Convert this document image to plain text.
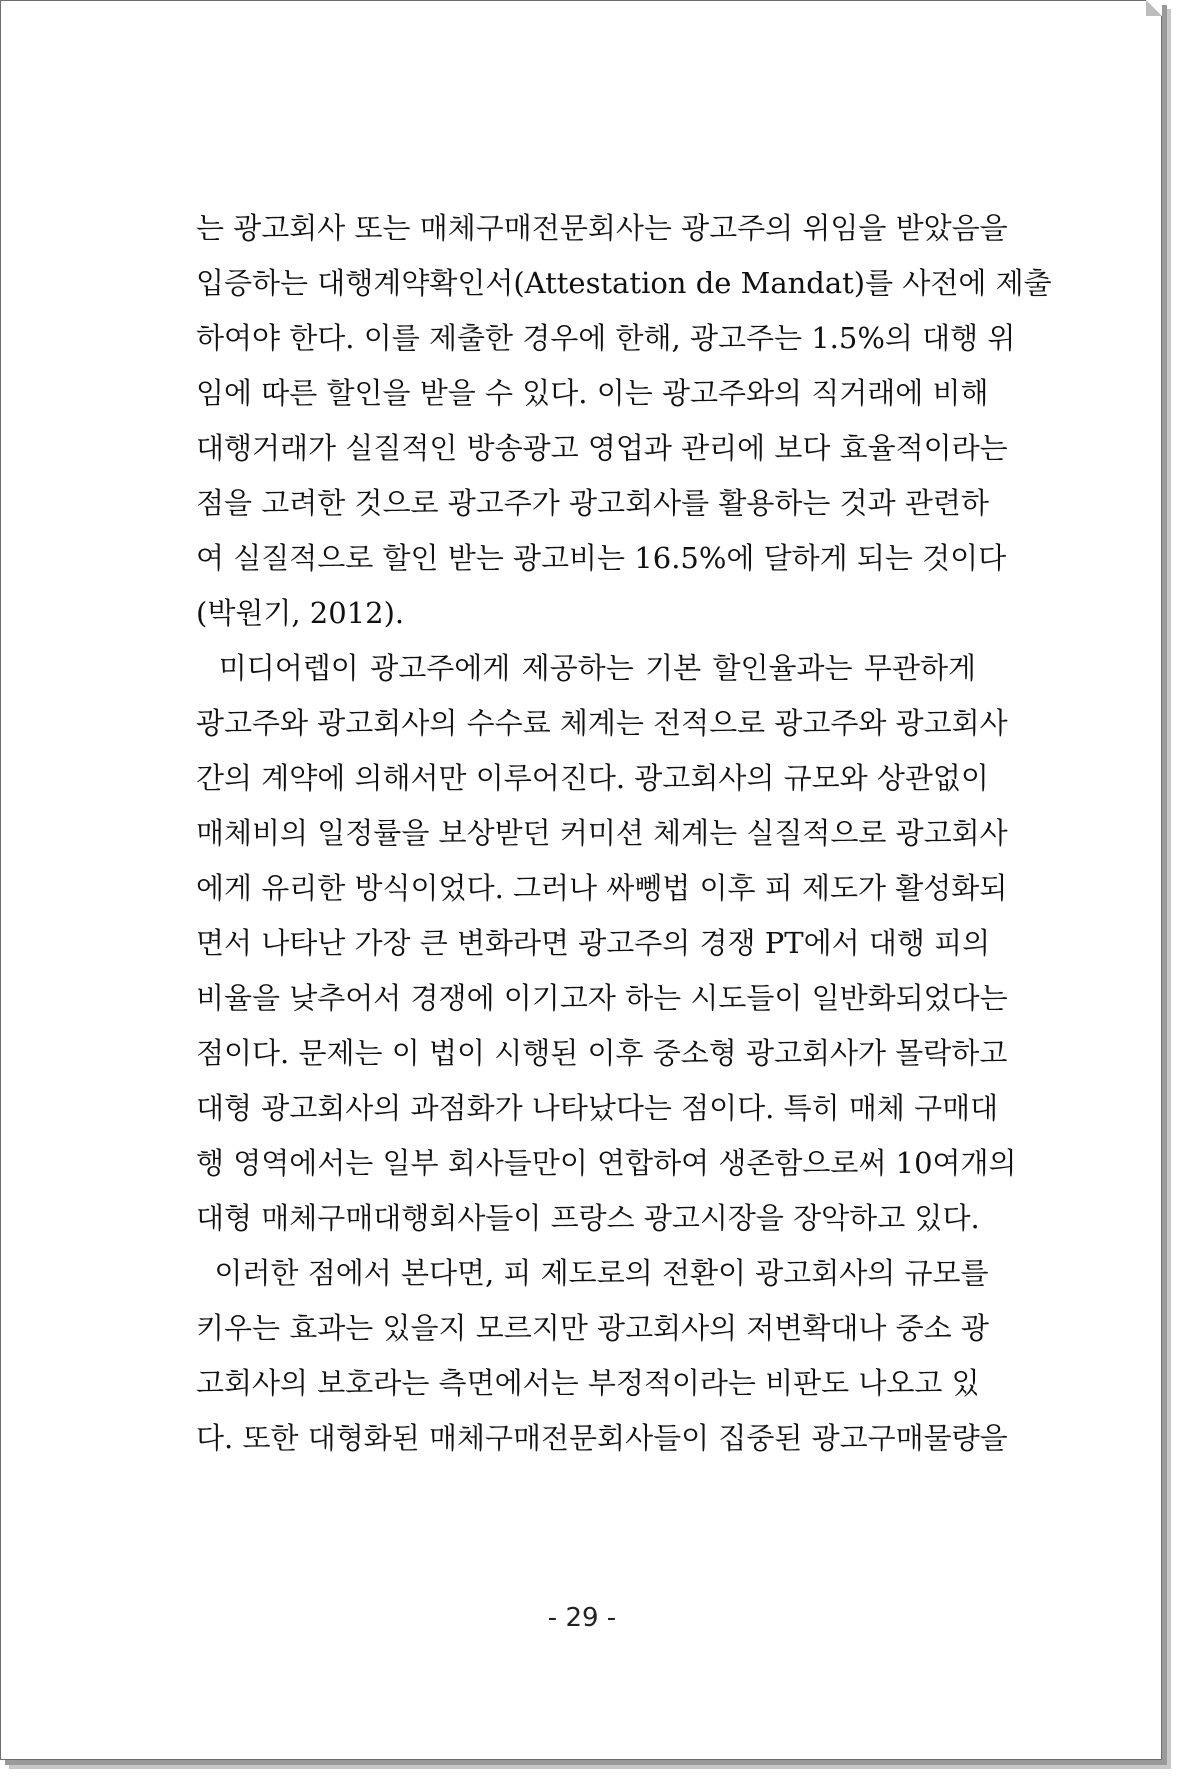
는 광고회사 또는 매체구매전문회사는 광고주의 위임을 받았음을
입증하는 대행계약확인서(Attestation de Mandat)를 사전에 제출
하여야 한다. 이를 제출한 경우에 한해, 광고주는 1.5%의 대행 위
임에 따른 할인을 받을 수 있다. 이는 광고주와의 직거래에 비해
대행거래가 실질적인 방송광고 영업과 관리에 보다 효율적이라는
점을 고려한 것으로 광고주가 광고회사를 활용하는 것과 관련하
여 실질적으로 할인 받는 광고비는 16.5%에 달하게 되는 것이다
(박원기, 2012).
미디어렙이 광고주에게 제공하는 기본 할인율과는 무관하게
광고주와 광고회사의 수수료 체계는 전적으로 광고주와 광고회사
간의 계약에 의해서만 이루어진다. 광고회사의 규모와 상관없이
매체비의 일정률을 보상받던 커미션 체계는 실질적으로 광고회사
에게 유리한 방식이었다. 그러나 싸뼁법 이후 피 제도가 활성화되
면서 나타난 가장 큰 변화라면 광고주의 경쟁 PT에서 대행 피의
비율을 낮추어서 경쟁에 이기고자 하는 시도들이 일반화되었다는
점이다. 문제는 이 법이 시행된 이후 중소형 광고회사가 몰락하고
대형 광고회사의 과점화가 나타났다는 점이다. 특히 매체 구매대
행 영역에서는 일부 회사들만이 연합하여 생존함으로써 10여개의
대형 매체구매대행회사들이 프랑스 광고시장을 장악하고 있다.
이러한 점에서 본다면, 피 제도로의 전환이 광고회사의 규모를
키우는 효과는 있을지 모르지만 광고회사의 저변확대나 중소 광
고회사의 보호라는 측면에서는 부정적이라는 비판도 나오고 있
다. 또한 대형화된 매체구매전문회사들이 집중된 광고구매물량을
- 29 -
